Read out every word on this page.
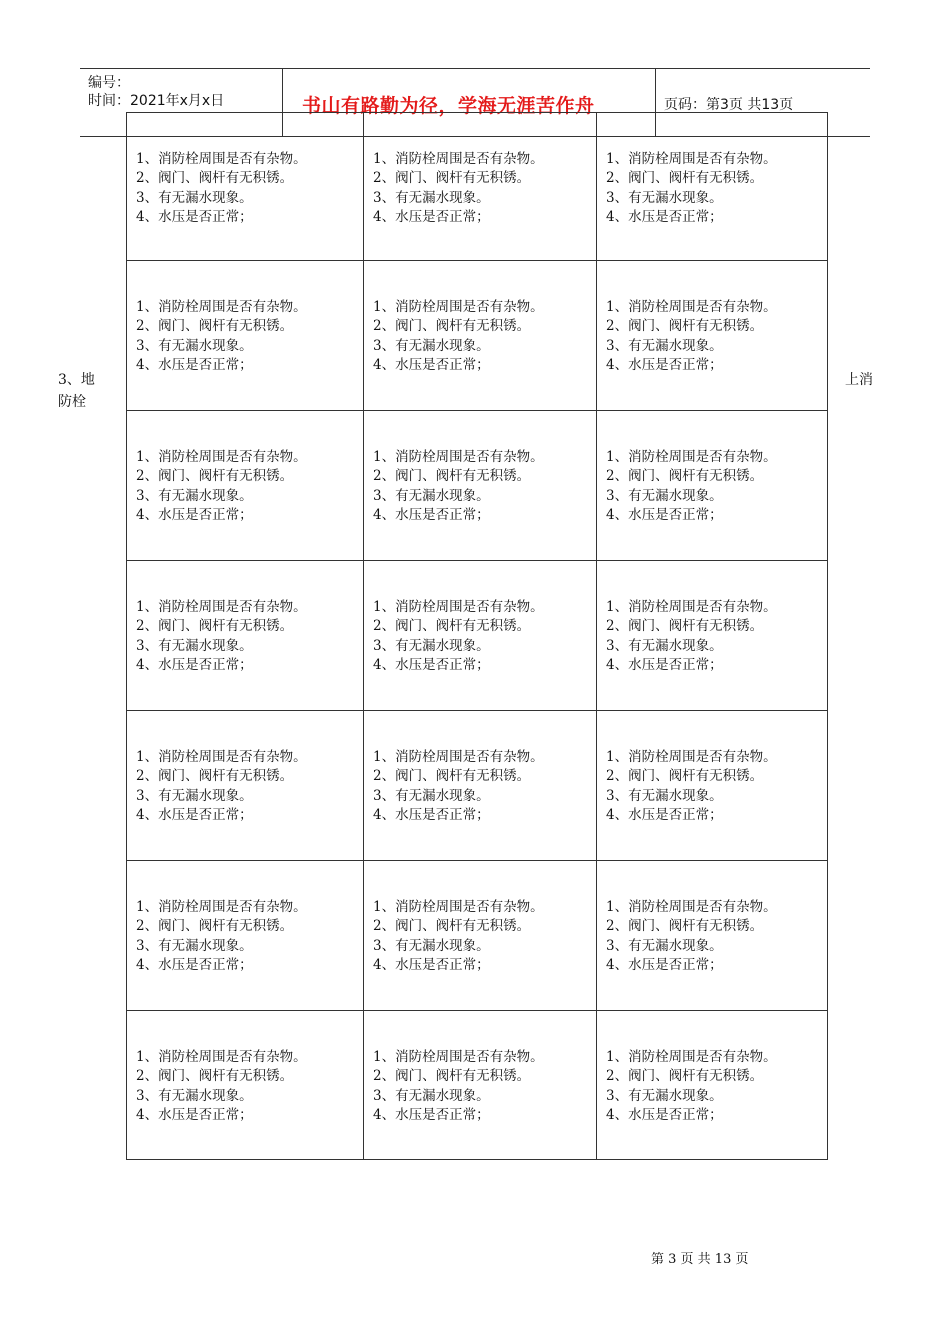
编号：
时间：2021年x月x日	书山有路勤为径，学海无涯苦作舟	页码：第3页 共13页
3、地
防栓
上消
1、消防栓周围是否有杂物。
2、阀门、阀杆有无积锈。
3、有无漏水现象。
4、水压是否正常；
1、消防栓周围是否有杂物。
2、阀门、阀杆有无积锈。
3、有无漏水现象。
4、水压是否正常；
1、消防栓周围是否有杂物。
2、阀门、阀杆有无积锈。
3、有无漏水现象。
4、水压是否正常；
1、消防栓周围是否有杂物。
2、阀门、阀杆有无积锈。
3、有无漏水现象。
4、水压是否正常；
1、消防栓周围是否有杂物。
2、阀门、阀杆有无积锈。
3、有无漏水现象。
4、水压是否正常；
1、消防栓周围是否有杂物。
2、阀门、阀杆有无积锈。
3、有无漏水现象。
4、水压是否正常；
1、消防栓周围是否有杂物。
2、阀门、阀杆有无积锈。
3、有无漏水现象。
4、水压是否正常；
1、消防栓周围是否有杂物。
2、阀门、阀杆有无积锈。
3、有无漏水现象。
4、水压是否正常；
1、消防栓周围是否有杂物。
2、阀门、阀杆有无积锈。
3、有无漏水现象。
4、水压是否正常；
1、消防栓周围是否有杂物。
2、阀门、阀杆有无积锈。
3、有无漏水现象。
4、水压是否正常；
1、消防栓周围是否有杂物。
2、阀门、阀杆有无积锈。
3、有无漏水现象。
4、水压是否正常；
1、消防栓周围是否有杂物。
2、阀门、阀杆有无积锈。
3、有无漏水现象。
4、水压是否正常；
1、消防栓周围是否有杂物。
2、阀门、阀杆有无积锈。
3、有无漏水现象。
4、水压是否正常；
1、消防栓周围是否有杂物。
2、阀门、阀杆有无积锈。
3、有无漏水现象。
4、水压是否正常；
1、消防栓周围是否有杂物。
2、阀门、阀杆有无积锈。
3、有无漏水现象。
4、水压是否正常；
1、消防栓周围是否有杂物。
2、阀门、阀杆有无积锈。
3、有无漏水现象。
4、水压是否正常；
1、消防栓周围是否有杂物。
2、阀门、阀杆有无积锈。
3、有无漏水现象。
4、水压是否正常；
1、消防栓周围是否有杂物。
2、阀门、阀杆有无积锈。
3、有无漏水现象。
4、水压是否正常；
1、消防栓周围是否有杂物。
2、阀门、阀杆有无积锈。
3、有无漏水现象。
4、水压是否正常；
1、消防栓周围是否有杂物。
2、阀门、阀杆有无积锈。
3、有无漏水现象。
4、水压是否正常；
1、消防栓周围是否有杂物。
2、阀门、阀杆有无积锈。
3、有无漏水现象。
4、水压是否正常；
第 3 页 共 13 页
